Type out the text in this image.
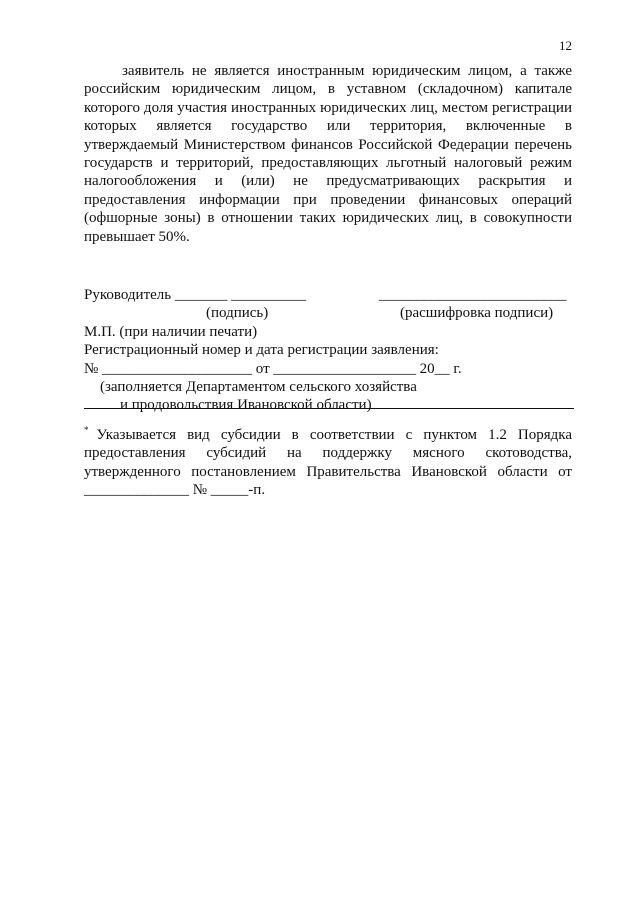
12

заявитель не является иностранным юридическим лицом, а также российским юридическим лицом, в уставном (складочном) капитале которого доля участия иностранных юридических лиц, местом регистрации которых является государство или территория, включенные в утверждаемый Министерством финансов Российской Федерации перечень государств и территорий, предоставляющих льготный налоговый режим налогообложения и (или) не предусматривающих раскрытия и предоставления информации при проведении финансовых операций (офшорные зоны) в отношении таких юридических лиц, в совокупности превышает 50%.

Руководитель _______ __________	_________________________
(подпись)	(расшифровка подписи)
М.П. (при наличии печати)
Регистрационный номер и дата регистрации заявления:
№ ____________________ от ___________________ 20__ г.
(заполняется Департаментом сельского хозяйства
и продовольствия Ивановской области)

* Указывается вид субсидии в соответствии с пунктом 1.2 Порядка предоставления субсидий на поддержку мясного скотоводства, утвержденного постановлением Правительства Ивановской области от ______________ № _____-п.
